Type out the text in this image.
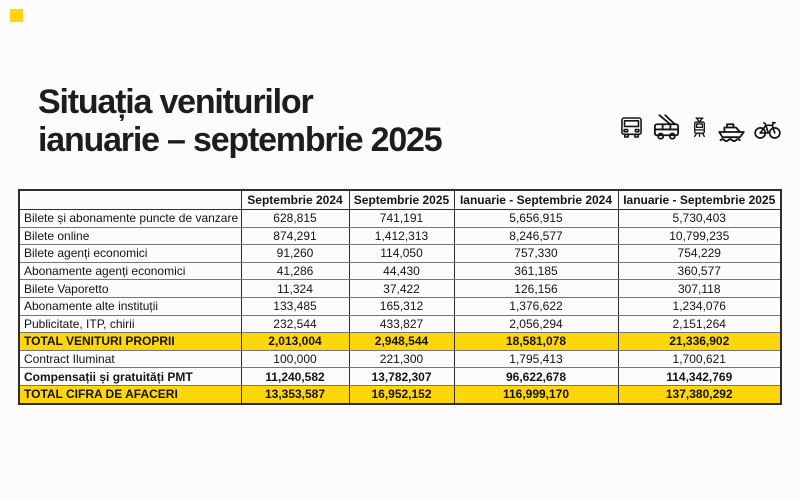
Situația veniturilor
ianuarie – septembrie 2025
	Septembrie 2024	Septembrie 2025	Ianuarie - Septembrie 2024	Ianuarie - Septembrie 2025
Bilete și abonamente puncte de vanzare	628,815	741,191	5,656,915	5,730,403
Bilete online	874,291	1,412,313	8,246,577	10,799,235
Bilete agenți economici	91,260	114,050	757,330	754,229
Abonamente agenți economici	41,286	44,430	361,185	360,577
Bilete Vaporetto	11,324	37,422	126,156	307,118
Abonamente alte instituții	133,485	165,312	1,376,622	1,234,076
Publicitate, ITP, chirii	232,544	433,827	2,056,294	2,151,264
TOTAL VENITURI PROPRII	2,013,004	2,948,544	18,581,078	21,336,902
Contract Iluminat	100,000	221,300	1,795,413	1,700,621
Compensații și gratuități PMT	11,240,582	13,782,307	96,622,678	114,342,769
TOTAL CIFRA DE AFACERI	13,353,587	16,952,152	116,999,170	137,380,292
